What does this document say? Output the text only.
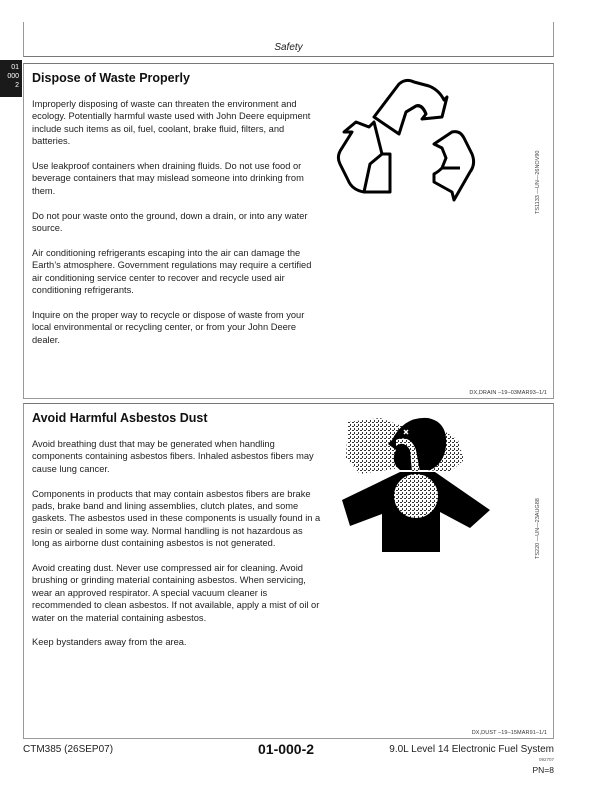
Safety
01
000
2
Dispose of Waste Properly

Improperly disposing of waste can threaten the environment and ecology. Potentially harmful waste used with John Deere equipment include such items as oil, fuel, coolant, brake fluid, filters, and batteries.

Use leakproof containers when draining fluids. Do not use food or beverage containers that may mislead someone into drinking from them.

Do not pour waste onto the ground, down a drain, or into any water source.

Air conditioning refrigerants escaping into the air can damage the Earth’s atmosphere. Government regulations may require a certified air conditioning service center to recover and recycle used air conditioning refrigerants.

Inquire on the proper way to recycle or dispose of waste from your local environmental or recycling center, or from your John Deere dealer.

TS1133 —UN—26NOV90
DX,DRAIN –19–03MAR93–1/1
Avoid Harmful Asbestos Dust

Avoid breathing dust that may be generated when handling components containing asbestos fibers. Inhaled asbestos fibers may cause lung cancer.

Components in products that may contain asbestos fibers are brake pads, brake band and lining assemblies, clutch plates, and some gaskets. The asbestos used in these components is usually found in a resin or sealed in some way. Normal handling is not hazardous as long as airborne dust containing asbestos is not generated.

Avoid creating dust. Never use compressed air for cleaning. Avoid brushing or grinding material containing asbestos. When servicing, wear an approved respirator. A special vacuum cleaner is recommended to clean asbestos. If not available, apply a mist of oil or water on the material containing asbestos.

Keep bystanders away from the area.

TS220 —UN—23AUG88
DX,DUST –19–15MAR91–1/1
CTM385 (26SEP07)	01-000-2	9.0L Level 14 Electronic Fuel System
092707
PN=8
